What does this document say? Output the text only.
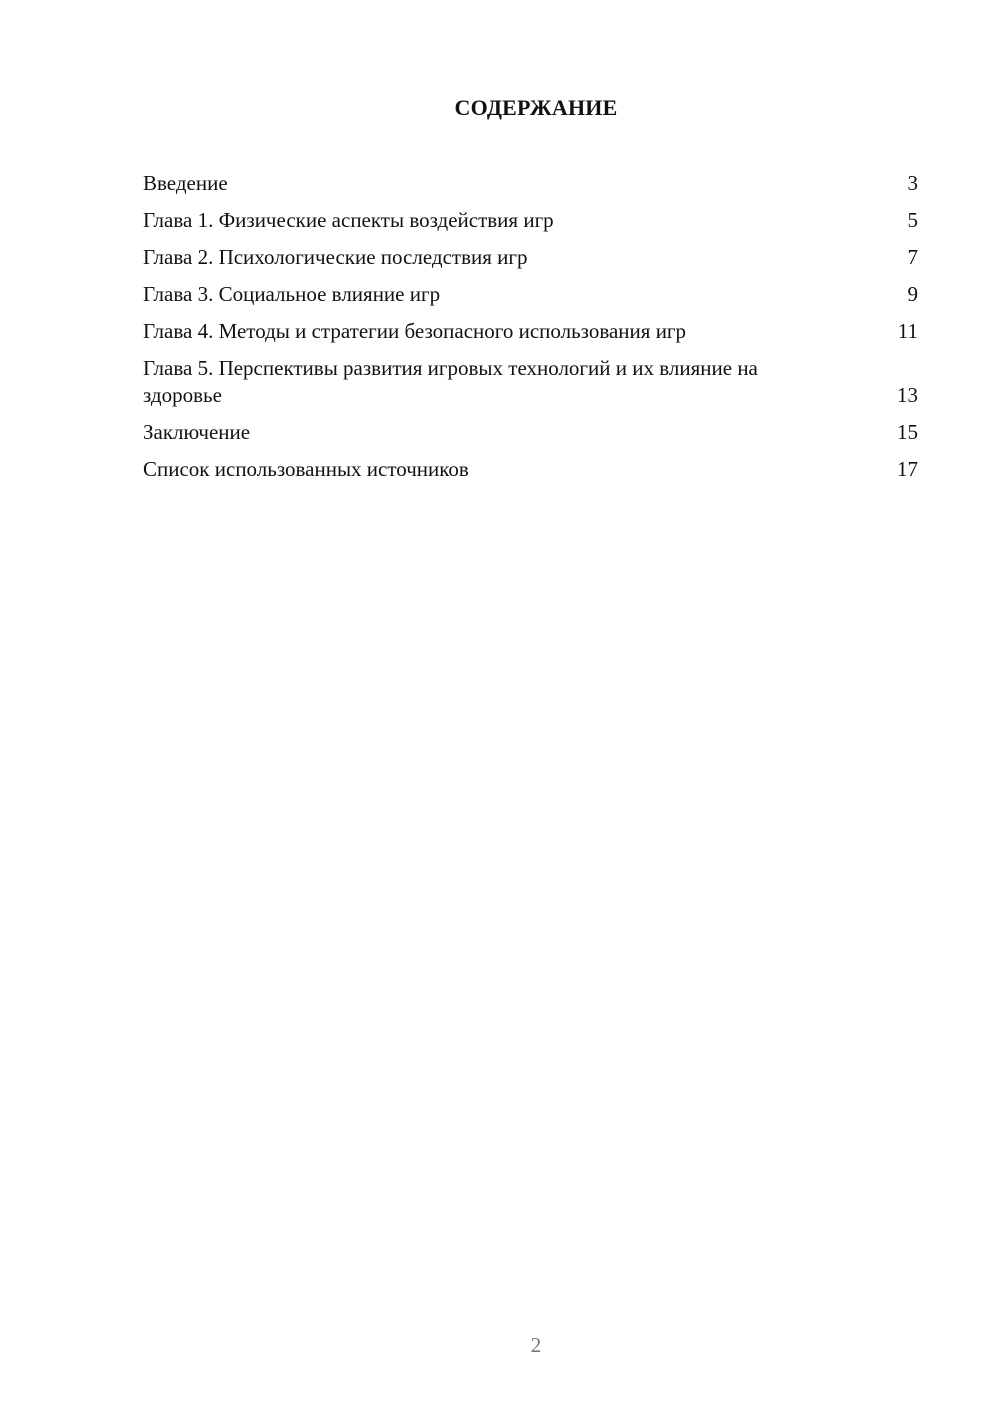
СОДЕРЖАНИЕ
Введение	3
Глава 1. Физические аспекты воздействия игр	5
Глава 2. Психологические последствия игр	7
Глава 3. Социальное влияние игр	9
Глава 4. Методы и стратегии безопасного использования игр	11
Глава 5. Перспективы развития игровых технологий и их влияние на здоровье	13
Заключение	15
Список использованных источников	17
2
